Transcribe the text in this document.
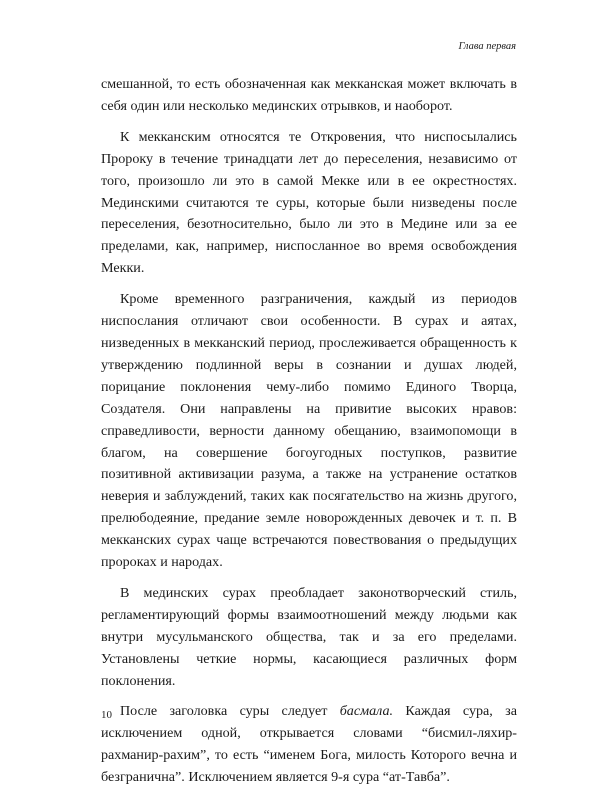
Глава первая

смешанной, то есть обозначенная как мекканская может включать в себя один или несколько мединских отрывков, и наоборот.

К мекканским относятся те Откровения, что ниспосылались Пророку в течение тринадцати лет до переселения, независимо от того, произошло ли это в самой Мекке или в ее окрестностях. Мединскими считаются те суры, которые были низведены после переселения, безотносительно, было ли это в Медине или за ее пределами, как, например, ниспосланное во время освобождения Мекки.

Кроме временного разграничения, каждый из периодов ниспослания отличают свои особенности. В сурах и аятах, низведенных в мекканский период, прослеживается обращенность к утверждению подлинной веры в сознании и душах людей, порицание поклонения чему-либо помимо Единого Творца, Создателя. Они направлены на привитие высоких нравов: справедливости, верности данному обещанию, взаимопомощи в благом, на совершение богоугодных поступков, развитие позитивной активизации разума, а также на устранение остатков неверия и заблуждений, таких как посягательство на жизнь другого, прелюбодеяние, предание земле новорожденных девочек и т. п. В мекканских сурах чаще встречаются повествования о предыдущих пророках и народах.

В мединских сурах преобладает законотворческий стиль, регламентирующий формы взаимоотношений между людьми как внутри мусульманского общества, так и за его пределами. Установлены четкие нормы, касающиеся различных форм поклонения.

После заголовка суры следует басмала. Каждая сура, за исключением одной, открывается словами “бисмил-ляхир-рахманир-рахим”, то есть “именем Бога, милость Которого вечна и безгранична”. Исключением является 9-я сура “ат-Тавба”.

10
